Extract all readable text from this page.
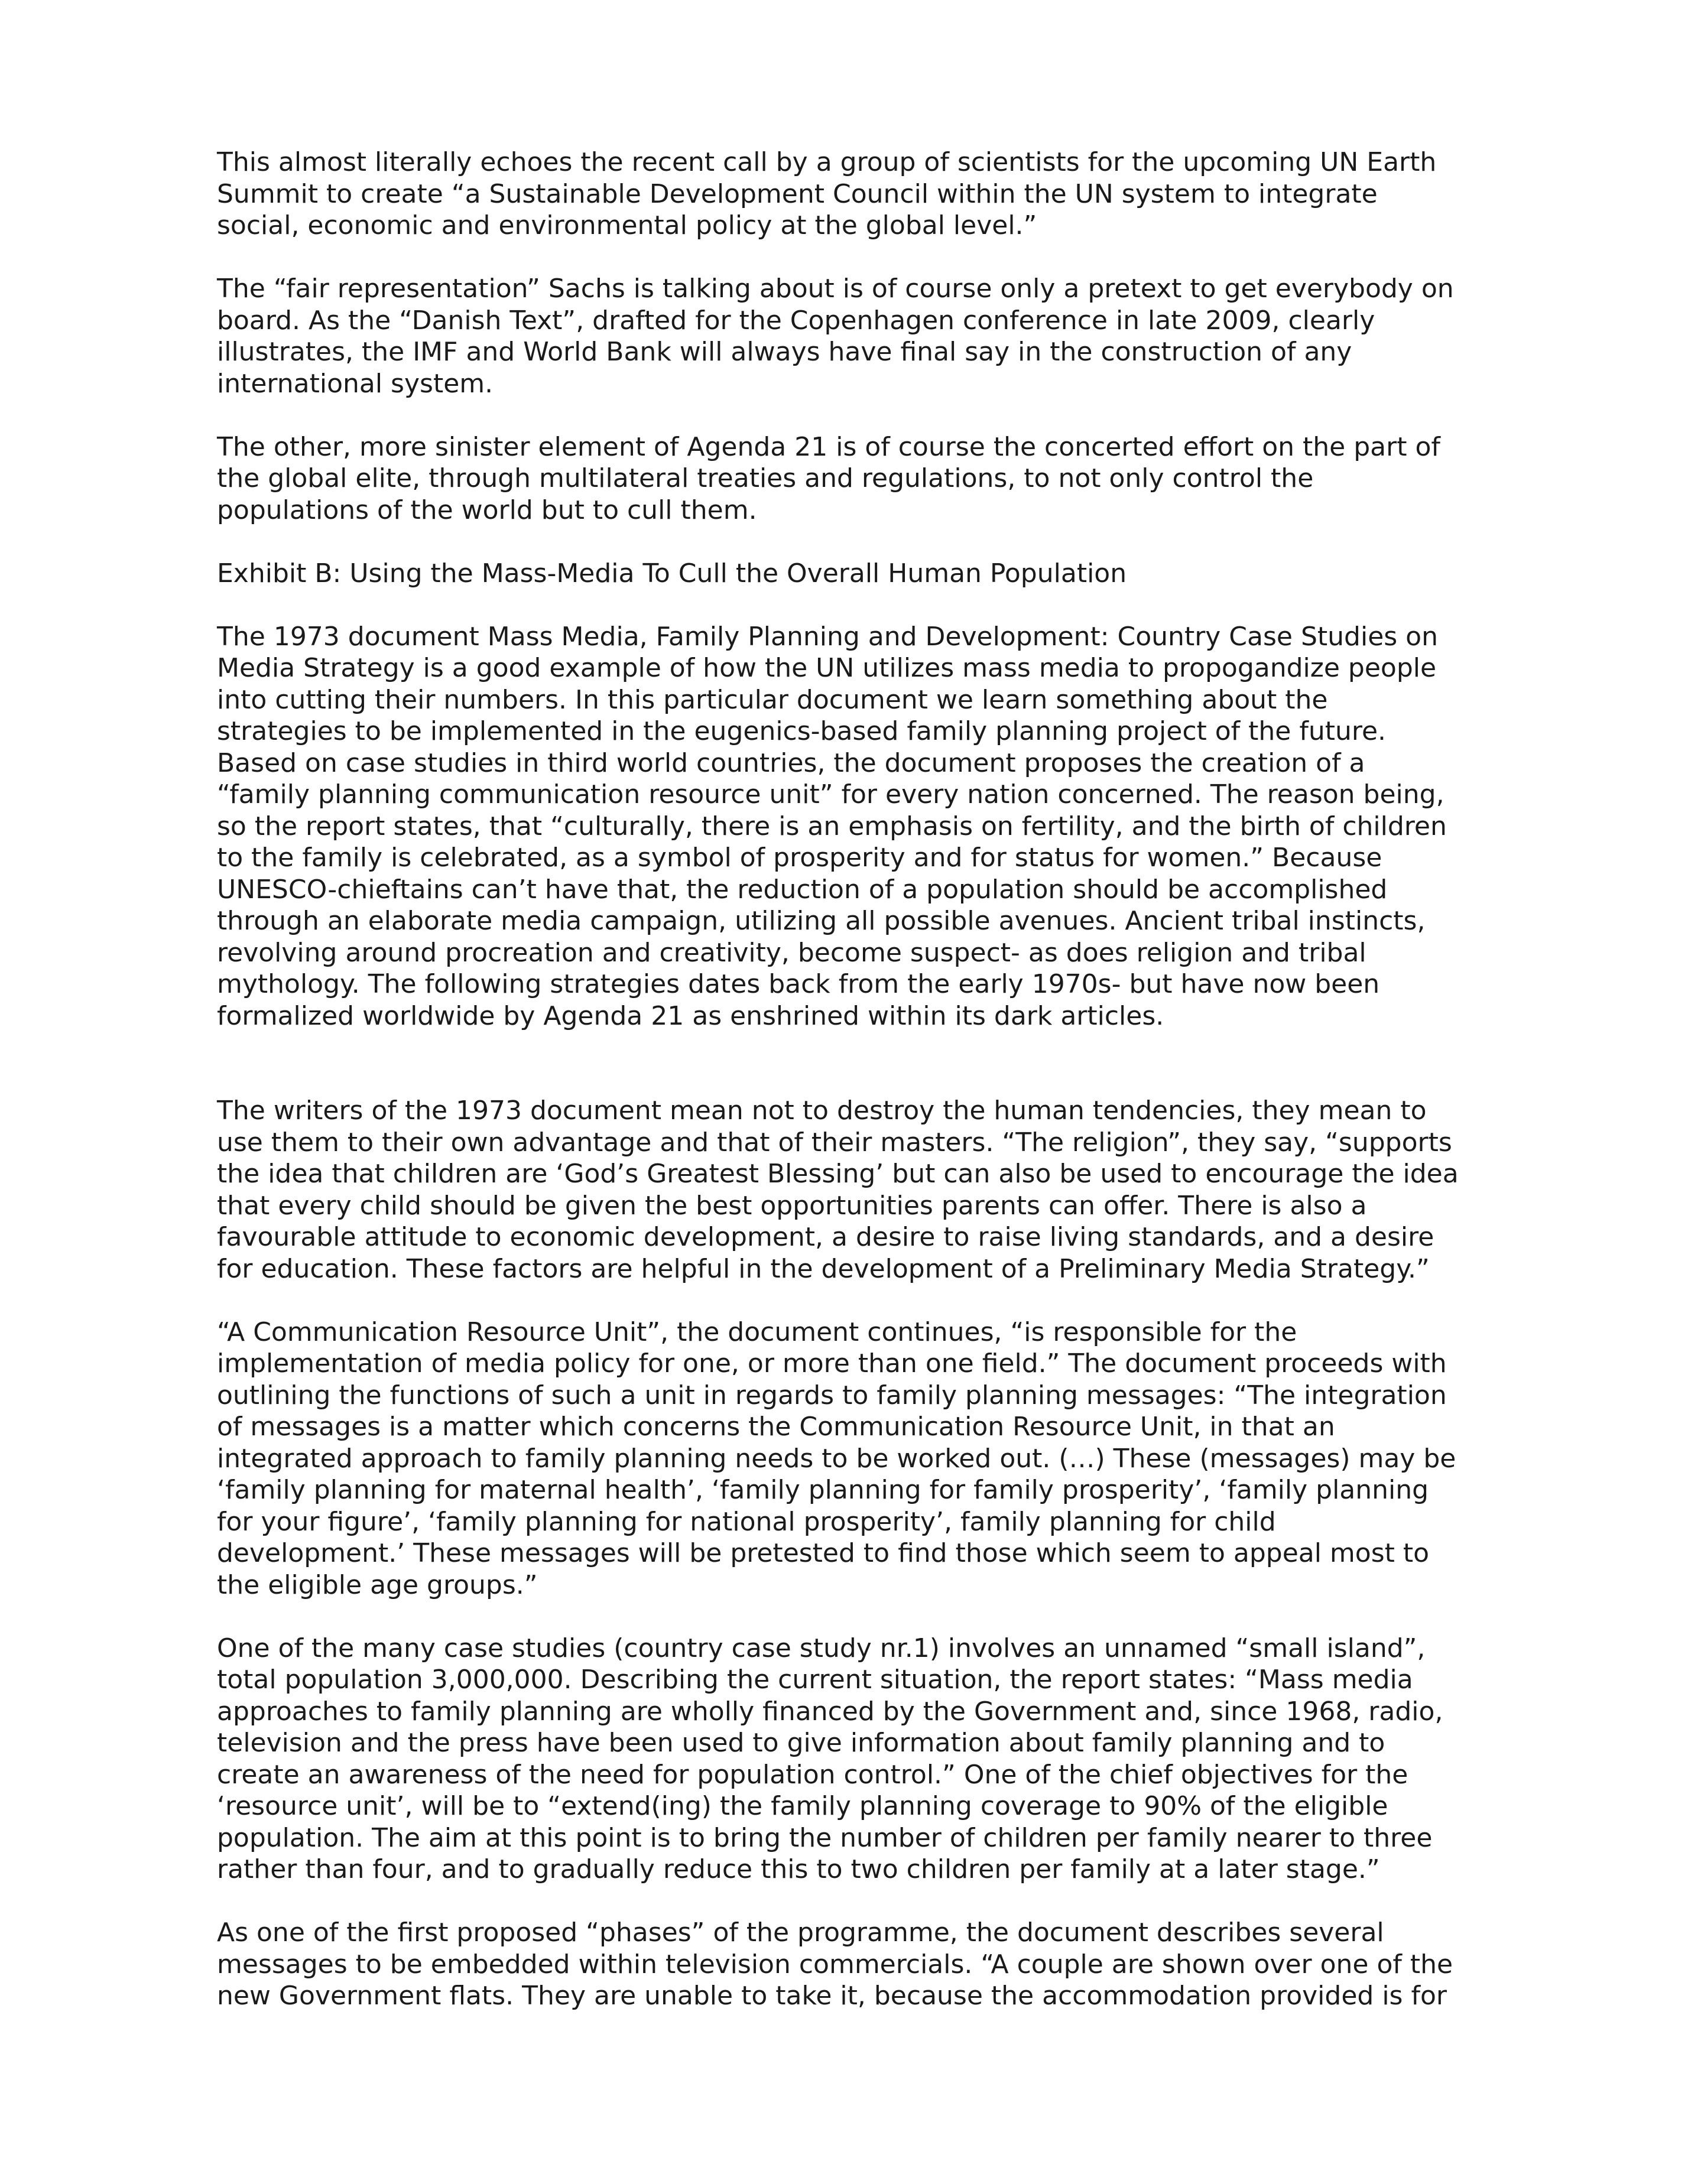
This almost literally echoes the recent call by a group of scientists for the upcoming UN Earth
Summit to create “a Sustainable Development Council within the UN system to integrate
social, economic and environmental policy at the global level.”

The “fair representation” Sachs is talking about is of course only a pretext to get everybody on
board. As the “Danish Text”, drafted for the Copenhagen conference in late 2009, clearly
illustrates, the IMF and World Bank will always have final say in the construction of any
international system.

The other, more sinister element of Agenda 21 is of course the concerted effort on the part of
the global elite, through multilateral treaties and regulations, to not only control the
populations of the world but to cull them.

Exhibit B: Using the Mass-Media To Cull the Overall Human Population

The 1973 document Mass Media, Family Planning and Development: Country Case Studies on
Media Strategy is a good example of how the UN utilizes mass media to propogandize people
into cutting their numbers. In this particular document we learn something about the
strategies to be implemented in the eugenics-based family planning project of the future.
Based on case studies in third world countries, the document proposes the creation of a
“family planning communication resource unit” for every nation concerned. The reason being,
so the report states, that “culturally, there is an emphasis on fertility, and the birth of children
to the family is celebrated, as a symbol of prosperity and for status for women.” Because
UNESCO-chieftains can’t have that, the reduction of a population should be accomplished
through an elaborate media campaign, utilizing all possible avenues. Ancient tribal instincts,
revolving around procreation and creativity, become suspect- as does religion and tribal
mythology. The following strategies dates back from the early 1970s- but have now been
formalized worldwide by Agenda 21 as enshrined within its dark articles.

The writers of the 1973 document mean not to destroy the human tendencies, they mean to
use them to their own advantage and that of their masters. “The religion”, they say, “supports
the idea that children are ‘God’s Greatest Blessing’ but can also be used to encourage the idea
that every child should be given the best opportunities parents can offer. There is also a
favourable attitude to economic development, a desire to raise living standards, and a desire
for education. These factors are helpful in the development of a Preliminary Media Strategy.”

“A Communication Resource Unit”, the document continues, “is responsible for the
implementation of media policy for one, or more than one field.” The document proceeds with
outlining the functions of such a unit in regards to family planning messages: “The integration
of messages is a matter which concerns the Communication Resource Unit, in that an
integrated approach to family planning needs to be worked out. (…) These (messages) may be
‘family planning for maternal health’, ‘family planning for family prosperity’, ‘family planning
for your figure’, ‘family planning for national prosperity’, family planning for child
development.’ These messages will be pretested to find those which seem to appeal most to
the eligible age groups.”

One of the many case studies (country case study nr.1) involves an unnamed “small island”,
total population 3,000,000. Describing the current situation, the report states: “Mass media
approaches to family planning are wholly financed by the Government and, since 1968, radio,
television and the press have been used to give information about family planning and to
create an awareness of the need for population control.” One of the chief objectives for the
‘resource unit’, will be to “extend(ing) the family planning coverage to 90% of the eligible
population. The aim at this point is to bring the number of children per family nearer to three
rather than four, and to gradually reduce this to two children per family at a later stage.”

As one of the first proposed “phases” of the programme, the document describes several
messages to be embedded within television commercials. “A couple are shown over one of the
new Government flats. They are unable to take it, because the accommodation provided is for
